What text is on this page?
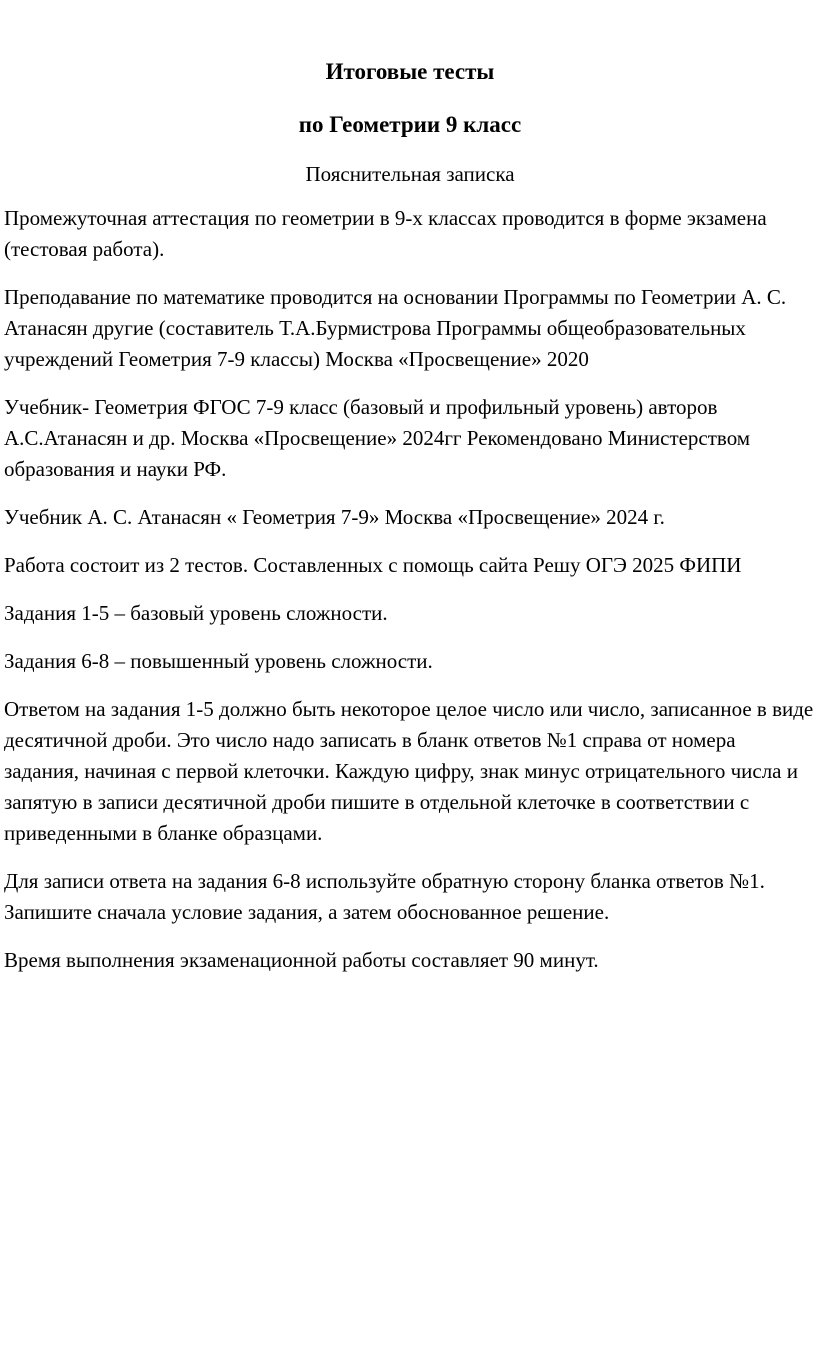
Итоговые тесты
по Геометрии 9 класс

Пояснительная записка

Промежуточная аттестация по геометрии в 9-х классах проводится в форме экзамена (тестовая работа).

Преподавание по математике проводится на основании Программы по Геометрии А. С. Атанасян другие (составитель Т.А.Бурмистрова Программы общеобразовательных учреждений Геометрия 7-9 классы) Москва «Просвещение» 2020

Учебник- Геометрия ФГОС 7-9 класс (базовый и профильный уровень) авторов А.С.Атанасян и др. Москва «Просвещение» 2024гг Рекомендовано Министерством образования и науки РФ.

Учебник А. С. Атанасян « Геометрия 7-9» Москва «Просвещение» 2024 г.

Работа состоит из 2 тестов. Составленных с помощь сайта Решу ОГЭ 2025 ФИПИ

Задания 1-5 – базовый уровень сложности.

Задания 6-8 – повышенный уровень сложности.

Ответом на задания 1-5 должно быть некоторое целое число или число, записанное в виде десятичной дроби. Это число надо записать в бланк ответов №1 справа от номера задания, начиная с первой клеточки. Каждую цифру, знак минус отрицательного числа и запятую в записи десятичной дроби пишите в отдельной клеточке в соответствии с приведенными в бланке образцами.

Для записи ответа на задания 6-8 используйте обратную сторону бланка ответов №1. Запишите сначала условие задания, а затем обоснованное решение.

Время выполнения экзаменационной работы составляет 90 минут.
